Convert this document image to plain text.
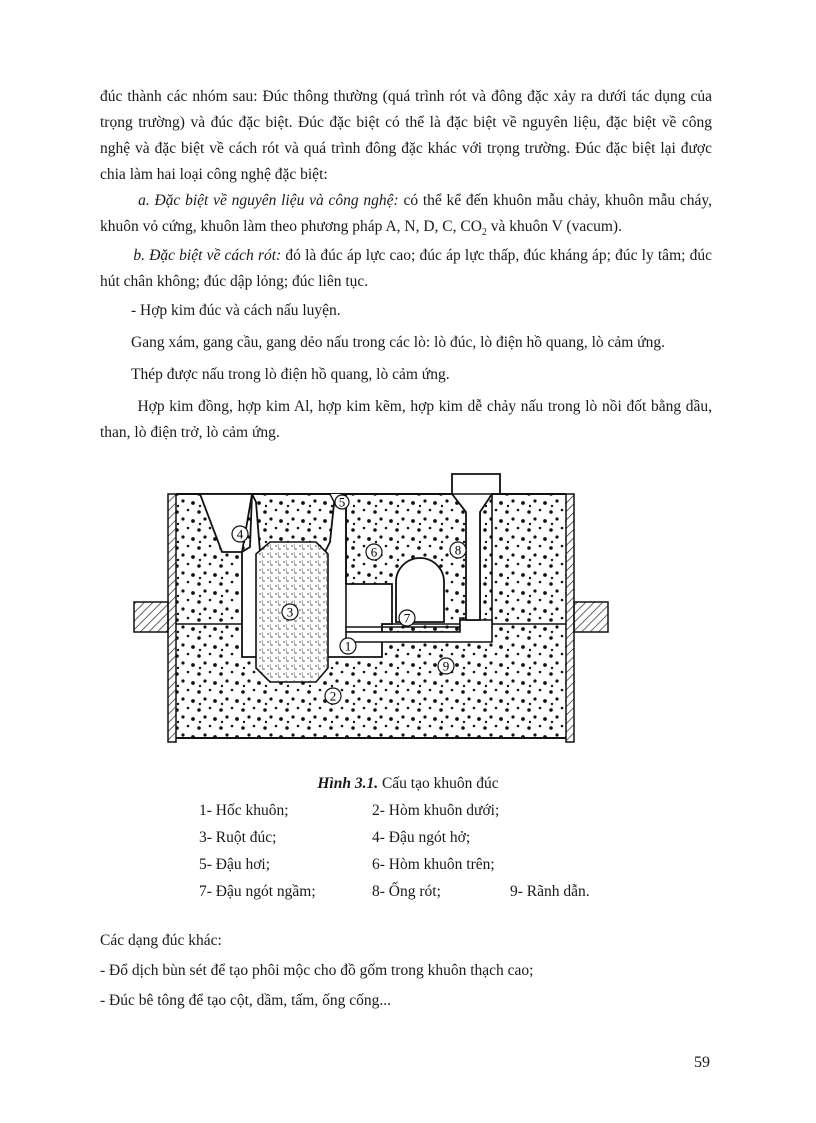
đúc thành các nhóm sau: Đúc thông thường (quá trình rót và đông đặc xảy ra dưới tác dụng của trọng trường) và đúc đặc biệt. Đúc đặc biệt có thể là đặc biệt về nguyên liệu, đặc biệt về công nghệ và đặc biệt về cách rót và quá trình đông đặc khác với trọng trường. Đúc đặc biệt lại được chia làm hai loại công nghệ đặc biệt:
a. Đặc biệt về nguyên liệu và công nghệ: có thể kể đến khuôn mẫu chảy, khuôn mẫu cháy, khuôn vỏ cứng, khuôn làm theo phương pháp A, N, D, C, $CO_2$ và khuôn V (vacum).
b. Đặc biệt về cách rót: đó là đúc áp lực cao; đúc áp lực thấp, đúc kháng áp; đúc ly tâm; đúc hút chân không; đúc dập lỏng; đúc liên tục.
- Hợp kim đúc và cách nấu luyện.
Gang xám, gang cầu, gang dẻo nấu trong các lò: lò đúc, lò điện hồ quang, lò cảm ứng.
Thép được nấu trong lò điện hồ quang, lò cảm ứng.
Hợp kim đồng, hợp kim Al, hợp kim kẽm, hợp kim dễ chảy nấu trong lò nồi đốt bằng dầu, than, lò điện trở, lò cảm ứng.
1
2
3
4
5
6
7
8
9
Hình 3.1. Cấu tạo khuôn đúc
1- Hốc khuôn;	2- Hòm khuôn dưới;
3- Ruột đúc;	4- Đậu ngót hở;
5- Đậu hơi;	6- Hòm khuôn trên;
7- Đậu ngót ngầm;	8- Ống rót;	9- Rãnh dẫn.
Các dạng đúc khác:
- Đổ dịch bùn sét để tạo phôi mộc cho đồ gốm trong khuôn thạch cao;
- Đúc bê tông để tạo cột, dầm, tấm, ống cống...
59
